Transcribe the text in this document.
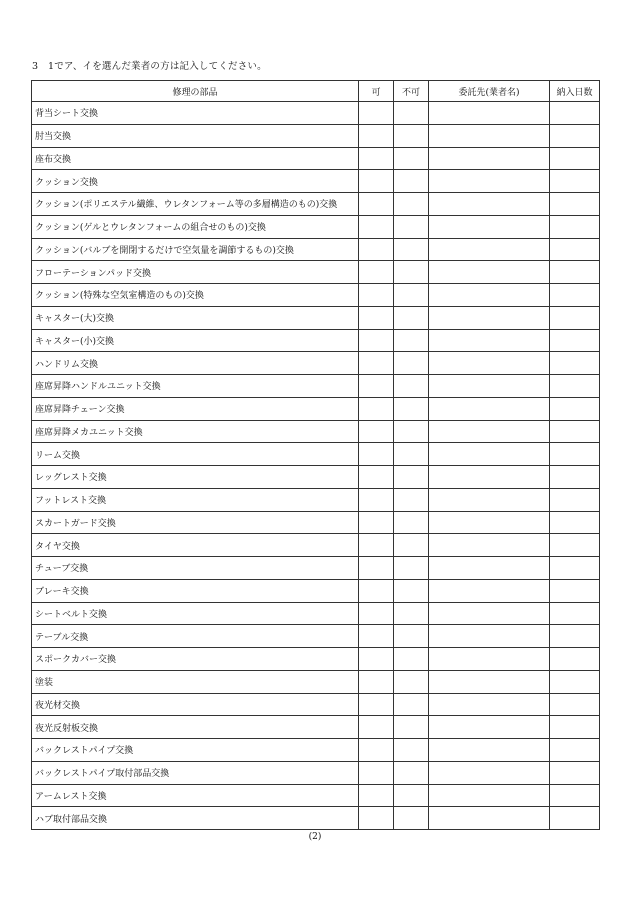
3　1でア、イを選んだ業者の方は記入してください。
修理の部品	可	不可	委託先(業者名)	納入日数
背当シート交換				
肘当交換				
座布交換				
クッション交換				
クッション(ポリエステル繊維、ウレタンフォーム等の多層構造のもの)交換				
クッション(ゲルとウレタンフォームの組合せのもの)交換				
クッション(バルブを開閉するだけで空気量を調節するもの)交換				
フローテーションパッド交換				
クッション(特殊な空気室構造のもの)交換				
キャスター(大)交換				
キャスター(小)交換				
ハンドリム交換				
座席昇降ハンドルユニット交換				
座席昇降チェーン交換				
座席昇降メカユニット交換				
リーム交換				
レッグレスト交換				
フットレスト交換				
スカートガード交換				
タイヤ交換				
チューブ交換				
ブレーキ交換				
シートベルト交換				
テーブル交換				
スポークカバー交換				
塗装				
夜光材交換				
夜光反射板交換				
バックレストパイプ交換				
バックレストパイプ取付部品交換				
アームレスト交換				
ハブ取付部品交換				
(2)
